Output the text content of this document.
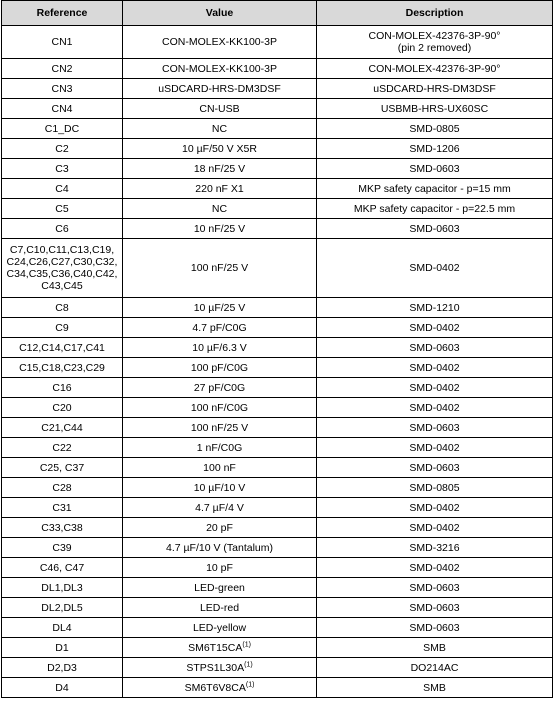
Reference	Value	Description
CN1	CON-MOLEX-KK100-3P	CON-MOLEX-42376-3P-90°
(pin 2 removed)
CN2	CON-MOLEX-KK100-3P	CON-MOLEX-42376-3P-90°
CN3	uSDCARD-HRS-DM3DSF	uSDCARD-HRS-DM3DSF
CN4	CN-USB	USBMB-HRS-UX60SC
C1_DC	NC	SMD-0805
C2	10 µF/50 V X5R	SMD-1206
C3	18 nF/25 V	SMD-0603
C4	220 nF X1	MKP safety capacitor - p=15 mm
C5	NC	MKP safety capacitor - p=22.5 mm
C6	10 nF/25 V	SMD-0603
C7,C10,C11,C13,C19,
C24,C26,C27,C30,C32,
C34,C35,C36,C40,C42,
C43,C45	100 nF/25 V	SMD-0402
C8	10 µF/25 V	SMD-1210
C9	4.7 pF/C0G	SMD-0402
C12,C14,C17,C41	10 µF/6.3 V	SMD-0603
C15,C18,C23,C29	100 pF/C0G	SMD-0402
C16	27 pF/C0G	SMD-0402
C20	100 nF/C0G	SMD-0402
C21,C44	100 nF/25 V	SMD-0603
C22	1 nF/C0G	SMD-0402
C25, C37	100 nF	SMD-0603
C28	10 µF/10 V	SMD-0805
C31	4.7 µF/4 V	SMD-0402
C33,C38	20 pF	SMD-0402
C39	4.7 µF/10 V (Tantalum)	SMD-3216
C46, C47	10 pF	SMD-0402
DL1,DL3	LED-green	SMD-0603
DL2,DL5	LED-red	SMD-0603
DL4	LED-yellow	SMD-0603
D1	SM6T15CA$^{(1)}$	SMB
D2,D3	$STPS1L30A^{(1)}$	DO214AC
D4	SM6T6V8CA$^{(1)}$	SMB
